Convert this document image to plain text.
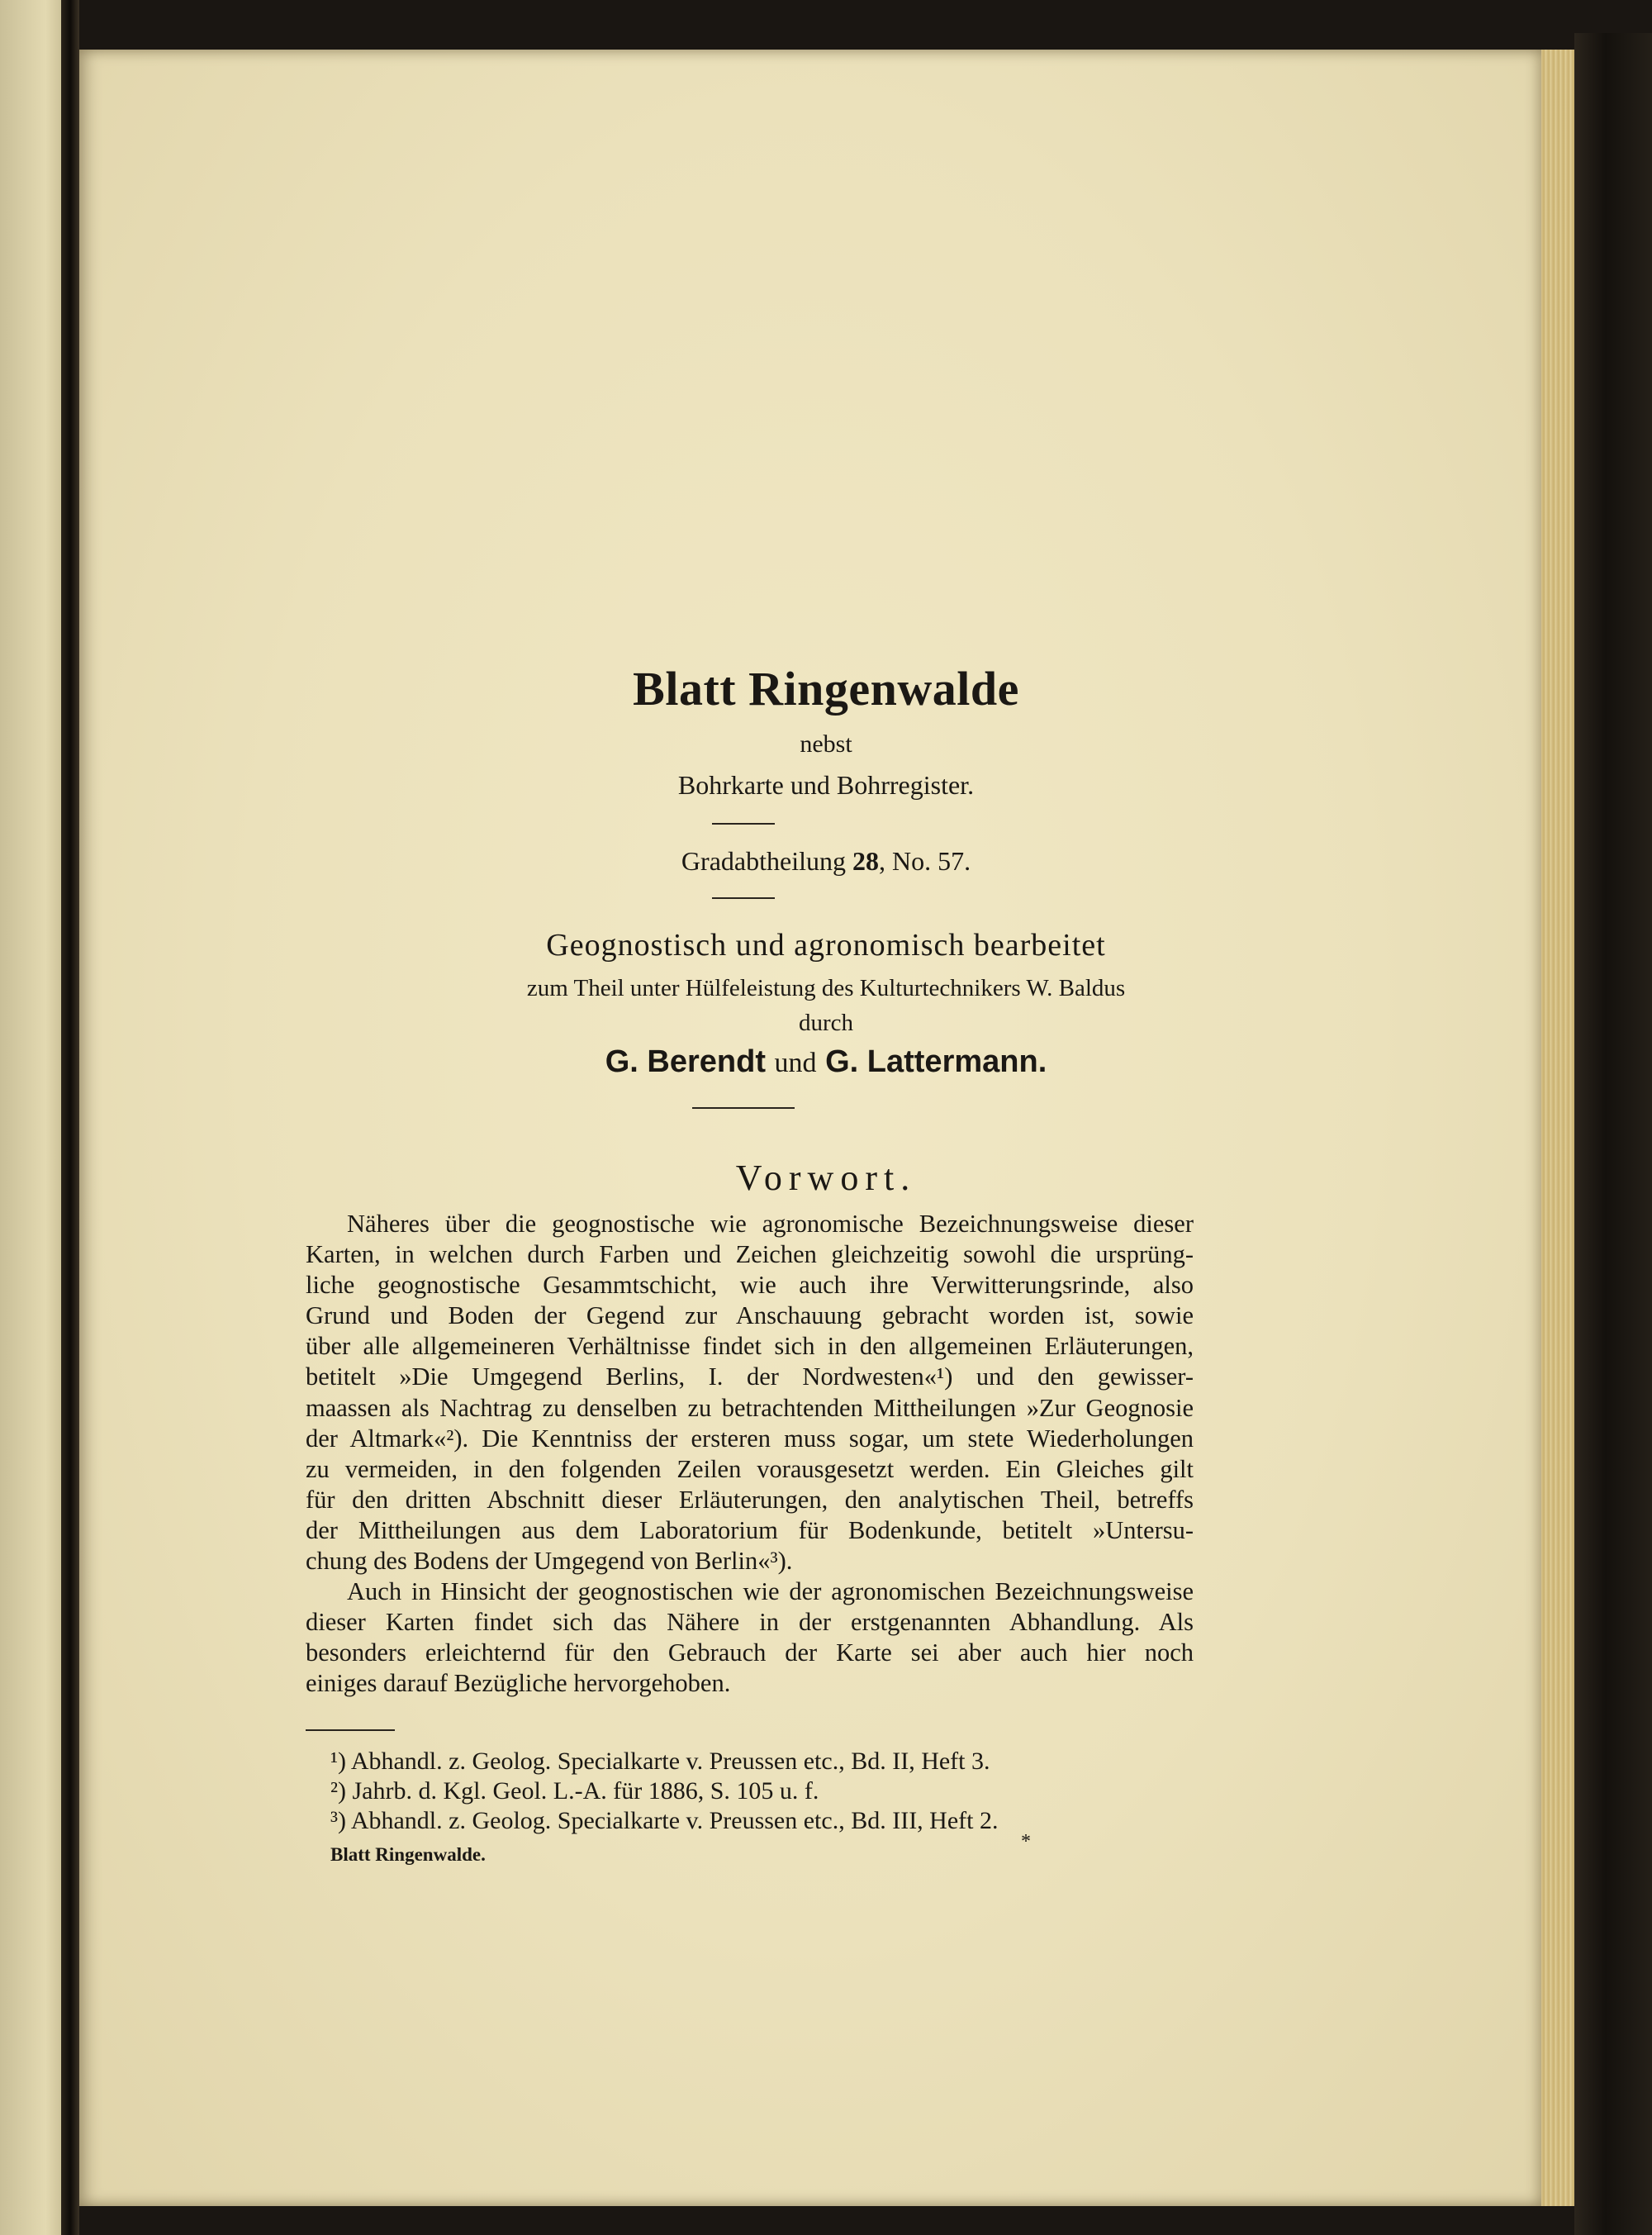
Blatt Ringenwalde
nebst
Bohrkarte und Bohrregister.
Gradabtheilung 28, No. 57.
Geognostisch und agronomisch bearbeitet
zum Theil unter Hülfeleistung des Kulturtechnikers W. Baldus
durch
G. Berendt und G. Lattermann.
Vorwort.
Näheres über die geognostische wie agronomische Bezeichnungsweise dieser
Karten, in welchen durch Farben und Zeichen gleichzeitig sowohl die ursprüng-
liche geognostische Gesammtschicht, wie auch ihre Verwitterungsrinde, also
Grund und Boden der Gegend zur Anschauung gebracht worden ist, sowie
über alle allgemeineren Verhältnisse findet sich in den allgemeinen Erläuterungen,
betitelt »Die Umgegend Berlins, I. der Nordwesten«¹) und den gewisser-
maassen als Nachtrag zu denselben zu betrachtenden Mittheilungen »Zur Geognosie
der Altmark«²). Die Kenntniss der ersteren muss sogar, um stete Wiederholungen
zu vermeiden, in den folgenden Zeilen vorausgesetzt werden. Ein Gleiches gilt
für den dritten Abschnitt dieser Erläuterungen, den analytischen Theil, betreffs
der Mittheilungen aus dem Laboratorium für Bodenkunde, betitelt »Untersu-
chung des Bodens der Umgegend von Berlin«³).
Auch in Hinsicht der geognostischen wie der agronomischen Bezeichnungsweise
dieser Karten findet sich das Nähere in der erstgenannten Abhandlung. Als
besonders erleichternd für den Gebrauch der Karte sei aber auch hier noch
einiges darauf Bezügliche hervorgehoben.
¹) Abhandl. z. Geolog. Specialkarte v. Preussen etc., Bd. II, Heft 3.
²) Jahrb. d. Kgl. Geol. L.-A. für 1886, S. 105 u. f.
³) Abhandl. z. Geolog. Specialkarte v. Preussen etc., Bd. III, Heft 2.
Blatt Ringenwalde.
*
